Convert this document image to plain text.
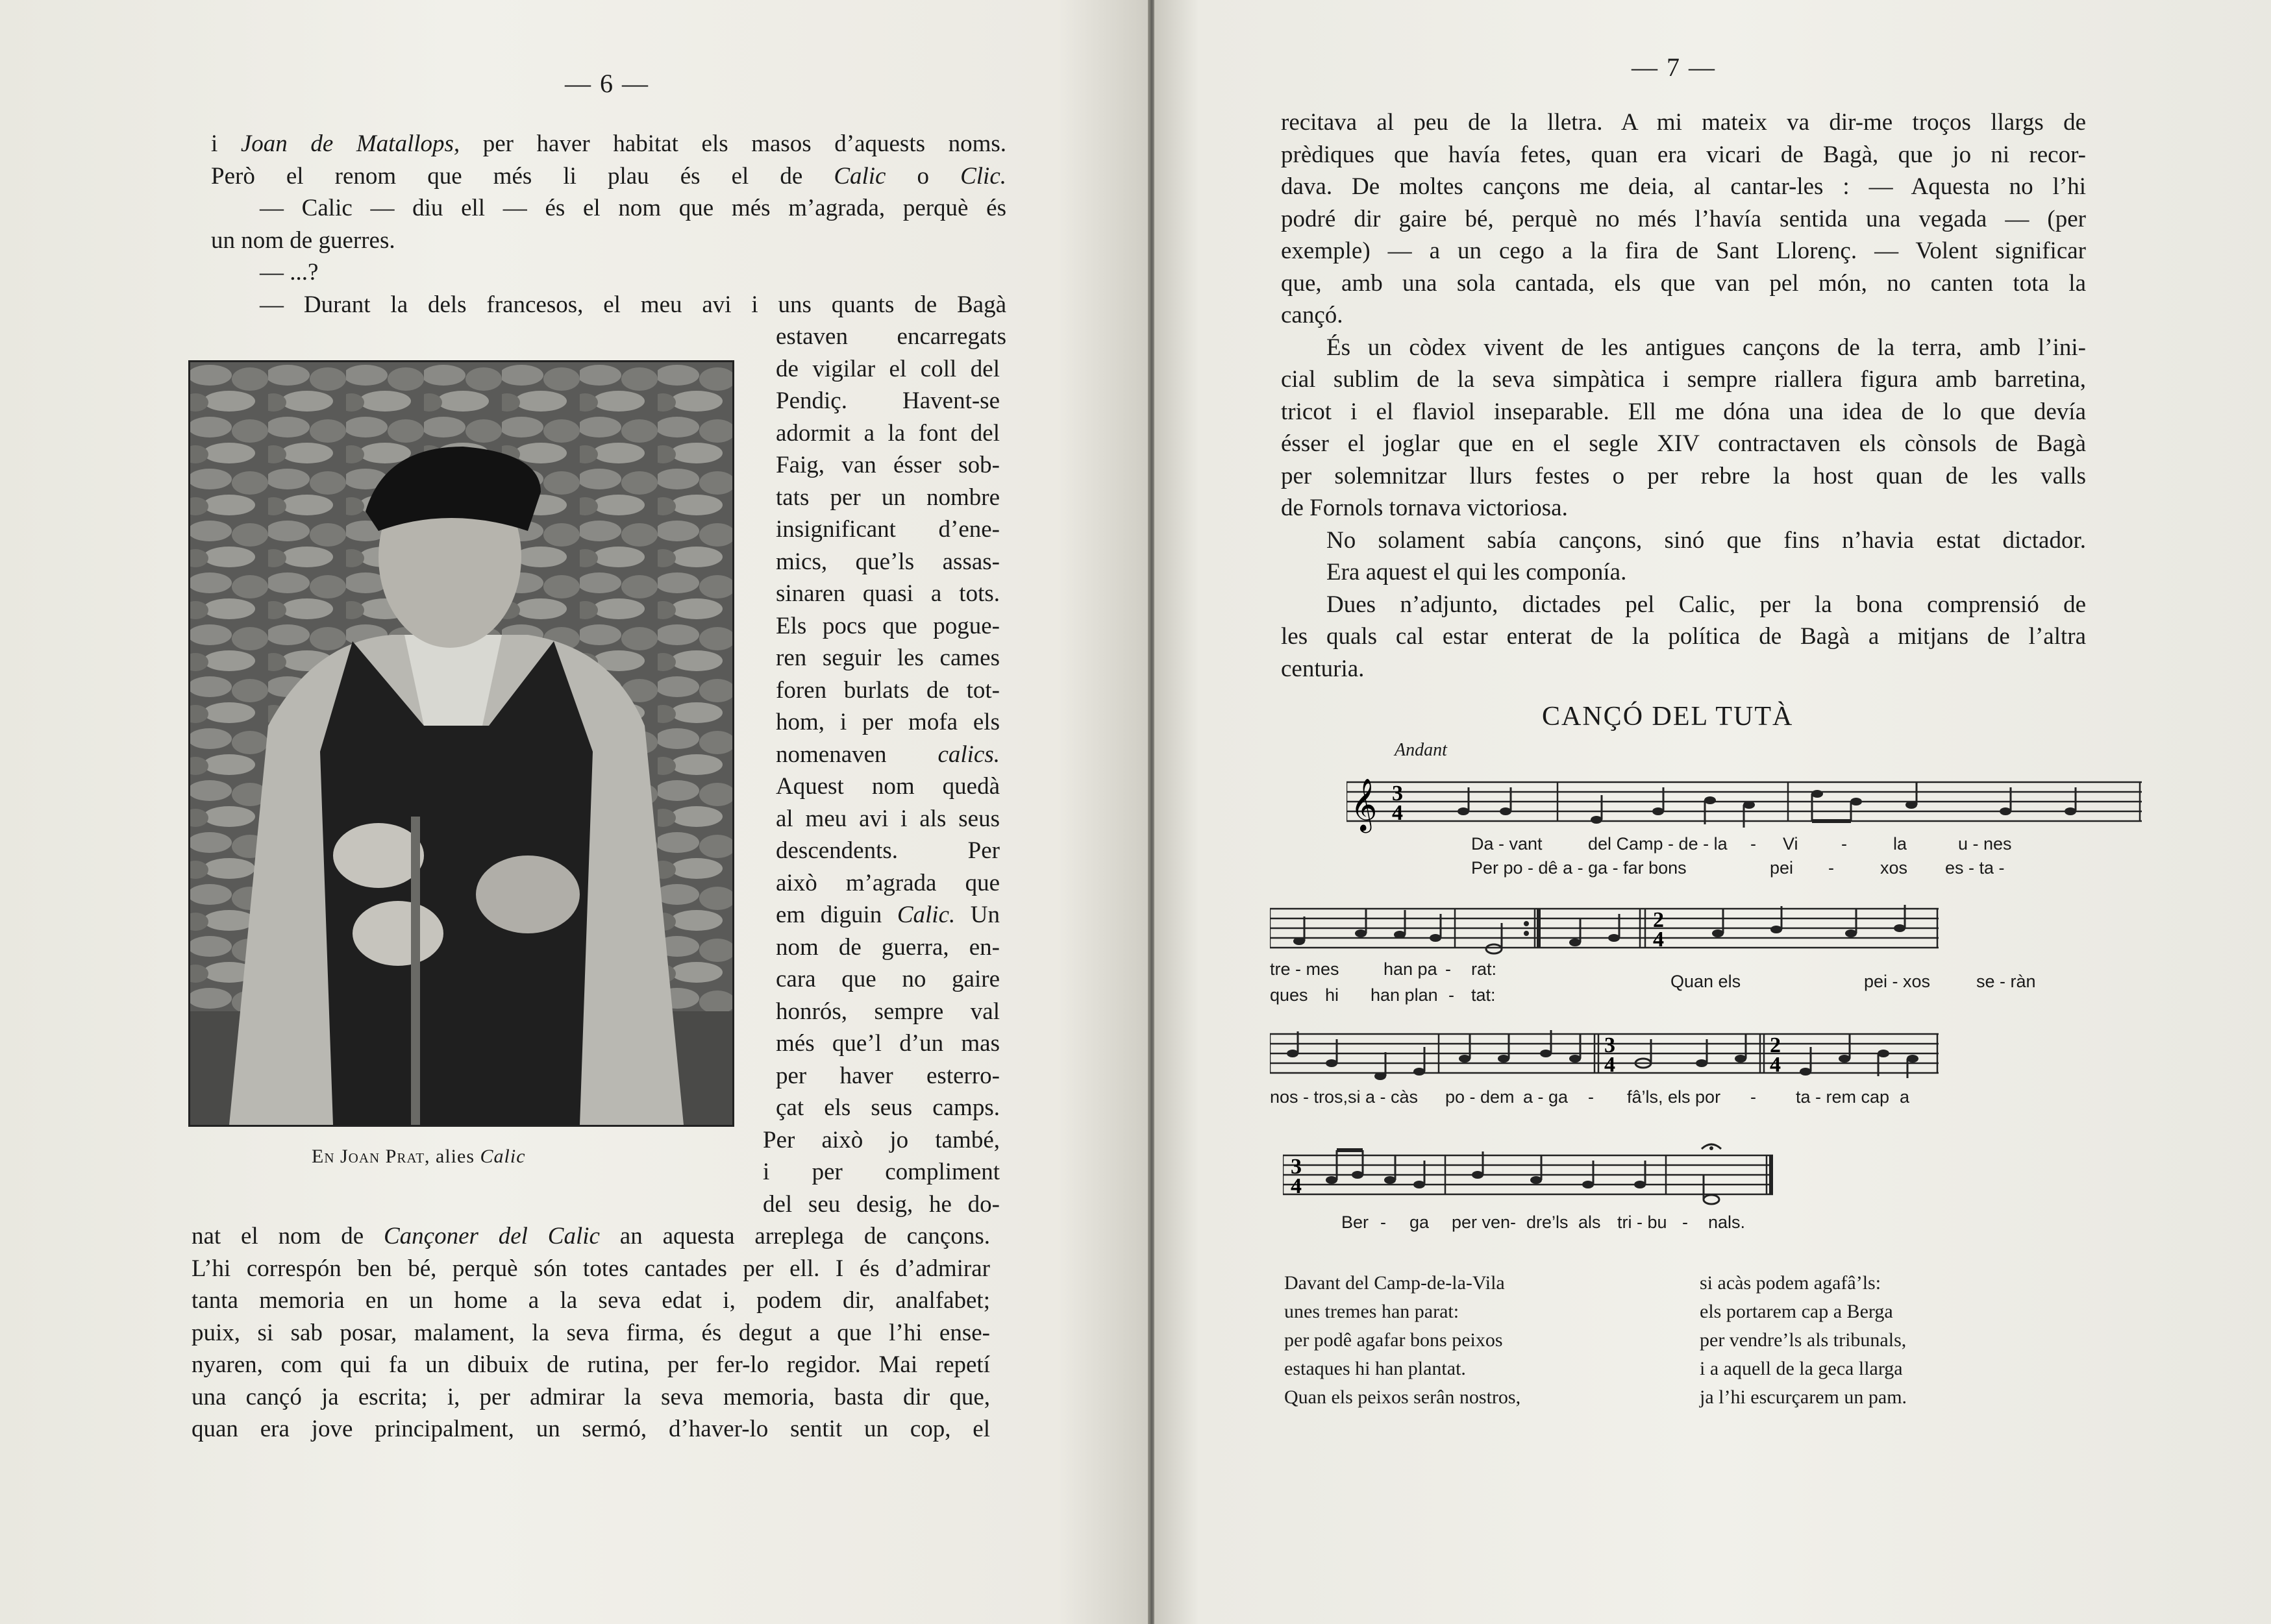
— 6 —
i Joan de Matallops, per haver habitat els masos d’aquests noms.
Però el renom que més li plau és el de Calic o Clic.
— Calic — diu ell — és el nom que més m’agrada, perquè és
un nom de guerres.
— ...?
— Durant la dels francesos, el meu avi i uns quants de Bagà
estaven encarregats
de vigilar el coll del
Pendiç. Havent-se
adormit a la font del
Faig, van ésser sob-
tats per un nombre
insignificant d’ene-
mics, que’ls assas-
sinaren quasi a tots.
Els pocs que pogue-
ren seguir les cames
foren burlats de tot-
hom, i per mofa els
nomenaven calics.
Aquest nom quedà
al meu avi i als seus
descendents. Per
això m’agrada que
em diguin Calic. Un
nom de guerra, en-
cara que no gaire
honrós, sempre val
més que’l d’un mas
per haver esterro-
çat els seus camps.
Per això jo també,
i per compliment
del seu desig, he do-
nat el nom de Cançoner del Calic an aquesta arreplega de cançons.
L’hi correspón ben bé, perquè són totes cantades per ell. I és d’admirar
tanta memoria en un home a la seva edat i, podem dir, analfabet;
puix, si sab posar, malament, la seva firma, és degut a que l’hi ense-
nyaren, com qui fa un dibuix de rutina, per fer-lo regidor. Mai repetí
una cançó ja escrita; i, per admirar la seva memoria, basta dir que,
quan era jove principalment, un sermó, d’haver-lo sentit un cop, el
En Joan Prat, alies Calic
— 7 —
recitava al peu de la lletra. A mi mateix va dir-me troços llargs de
prèdiques que havía fetes, quan era vicari de Bagà, que jo ni recor-
dava. De moltes cançons me deia, al cantar-les : — Aquesta no l’hi
podré dir gaire bé, perquè no més l’havía sentida una vegada — (per
exemple) — a un cego a la fira de Sant Llorenç. — Volent significar
que, amb una sola cantada, els que van pel món, no canten tota la
cançó.
És un còdex vivent de les antigues cançons de la terra, amb l’ini-
cial sublim de la seva simpàtica i sempre riallera figura amb barretina,
tricot i el flaviol inseparable. Ell me dóna una idea de lo que devía
ésser el joglar que en el segle XIV contractaven els cònsols de Bagà
per solemnitzar llurs festes o per rebre la host quan de les valls
de Fornols tornava victoriosa.
No solament sabía cançons, sinó que fins n’havia estat dictador.
Era aquest el qui les componía.
Dues n’adjunto, dictades pel Calic, per la bona comprensió de
les quals cal estar enterat de la política de Bagà a mitjans de l’altra
centuria.
CANÇÓ DEL TUTÀ
Andant
𝄞 3
4
Da - vant	del Camp - de - la - Vi -	la	u - nes
Per po - dê a - ga - far bons	pei -	xos es - ta -
2
4
tre - mes	han pa - rat:
ques hi han plan - tat:
Quan els	pei - xos	se - ràn
3
4
2
4
nos - tros,si a - càs po - dem a - ga - fâ’ls, els por - ta - rem cap a
3
4
Ber - ga per ven- dre’ls als tri - bu - nals.
Davant del Camp-de-la-Vila
unes tremes han parat:
per podê agafar bons peixos
estaques hi han plantat.
Quan els peixos serân nostros,
si acàs podem agafâ’ls:
els portarem cap a Berga
per vendre’ls als tribunals,
i a aquell de la geca llarga
ja l’hi escurçarem un pam.
